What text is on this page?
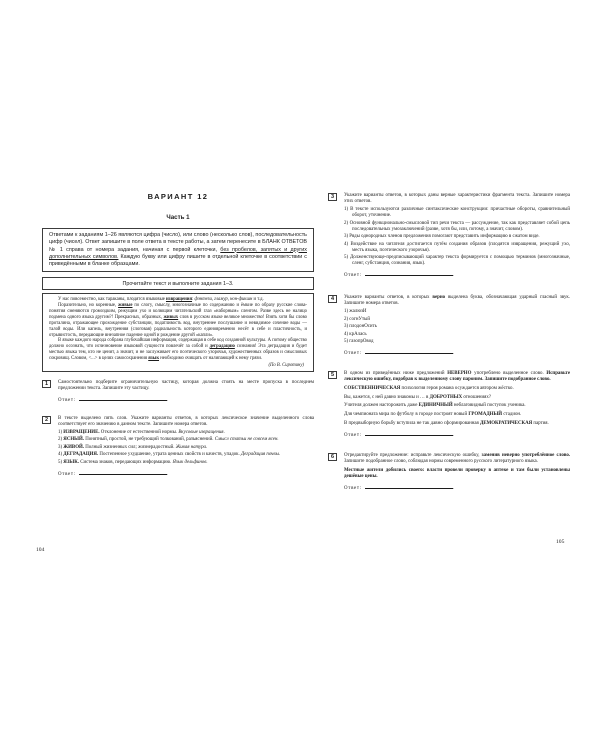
ВАРИАНТ 12
Часть 1
Ответами к заданиям 1–26 являются цифра (число), или слово (несколько слов), последовательность цифр (чисел). Ответ запишите в поле ответа в тексте работы, а затем перенесите в БЛАНК ОТВЕТОВ № 1 справа от номера задания, начиная с первой клеточки, без пробелов, запятых и других дополнительных символов. Каждую букву или цифру пишите в отдельной клеточке в соответствии с приведёнными в бланке образцами.
Прочитайте текст и выполните задания 1–3.

У нас повсеместно, как тараканы, плодятся языковые извращения: фэнтези, гламур, нон-фикшн и т.д.

Поразительно, но коренные, живые по слогу, смыслу, многозначные по содержанию и ёмкие по образу русские слова-понятия сменяются громоздким, режущим ухо и колющим читательский глаз «наборным» сленгом. Разве здесь не налицо подмена одного языка другим?! Прекрасных, образных, живых слов в русском языке великое множество! Взять хотя бы слово проталина, отражающее прохождение субстанции, податливость вод, внутреннее послушание и невидимое сочение воды — талой воды. Или капель, внутренняя (слоговая) радиальность которого единовременно несёт в себе и пластичность, и отрывистость, передающие внезапное падение одной и рождение другой «капли».

В языке каждого народа собрана глубочайшая информация, содержащая в себе код созданной культуры. А потому общество должно осознать, что исчезновение языковой сущности повлечёт за собой и деградацию сознания! Эта деградация и будет местью языка тем, кто не ценит, а значит, и не заслуживает его поэтического узорочья, художественных образов и смысловых сокровищ. Словом, <...> в целях самосохранения язык необходимо очищать от налипающей к нему грязи.

(По В. Сиротину)
1	Самостоятельно подберите ограничительную частицу, которая должна стоять на месте пропуска в последнем предложении текста. Запишите эту частицу.

Ответ:	.
2	В тексте выделено пять слов. Укажите варианты ответов, в которых лексическое значение выделенного слова соответствует его значению в данном тексте. Запишите номера ответов.

1) ИЗВРАЩЕНИЕ. Отклонение от естественной нормы. Вкусовые извращения.
2) ЯСНЫЙ. Понятный, простой, не требующий толкований, разъяснений. Смысл статьи не совсем ясен.
3) ЖИВОЙ. Полный жизненных сил; жизнерадостный. Живая натура.
4) ДЕГРАДАЦИЯ. Постепенное ухудшение, утрата ценных свойств и качеств, упадок. Деградация почвы.
5) ЯЗЫК. Система знаков, передающих информацию. Язык дельфинов.
Ответ:	.
3	Укажите варианты ответов, в которых даны верные характеристики фрагмента текста. Запишите номера этих ответов.

1) В тексте используются различные синтаксические конструкции: причастные обороты, сравнительный оборот, уточнение.
2) Основной функционально-смысловой тип речи текста — рассуждение, так как представляет собой цепь последовательных умозаключений (разве, хотя бы, или, потому, а значит, словом).
3) Ряды однородных членов предложения помогают представить информацию в сжатом виде.
4) Воздействие на читателя достигается путём создания образов (плодятся извращения, режущий ухо, месть языка, поэтического узорочья).
5) Долженствующе-предписывающий характер текста формируется с помощью терминов (многозначные, сленг, субстанция, сознания, язык).
Ответ:	.
4	Укажите варианты ответов, в которых верно выделена буква, обозначающая ударный гласный звук. Запишите номера ответов.

1) жалюзИ
2) согнУтый
3) плодонОсить
4) крАлась
5) газопрОвод
Ответ:	.
5	В одном из приведённых ниже предложений НЕВЕРНО употреблено выделенное слово. Исправьте лексическую ошибку, подобрав к выделенному слову пароним. Запишите подобранное слово.

СОБСТВЕННИЧЕСКАЯ психология героя романа осуждается автором жёстко.
Вы, кажется, с ней давно знакомы и … в ДОБРОТНЫХ отношениях?
Учителя должен насторожить даже ЕДИНИЧНЫЙ неблаговидный поступок ученика.
Для чемпионата мира по футболу в городе построят новый ГРОМАДНЫЙ стадион.
В предвыборную борьбу вступила не так давно сформированная ДЕМОКРАТИЧЕСКАЯ партия.
Ответ:	.
6	Отредактируйте предложение: исправьте лексическую ошибку, заменив неверно употреблённое слово. Запишите подобранное слово, соблюдая нормы современного русского литературного языка.

Местные жители добились своего: власти провели проверку в аптеке и там были установлены дешёвые цены.
Ответ:	.
104
105
